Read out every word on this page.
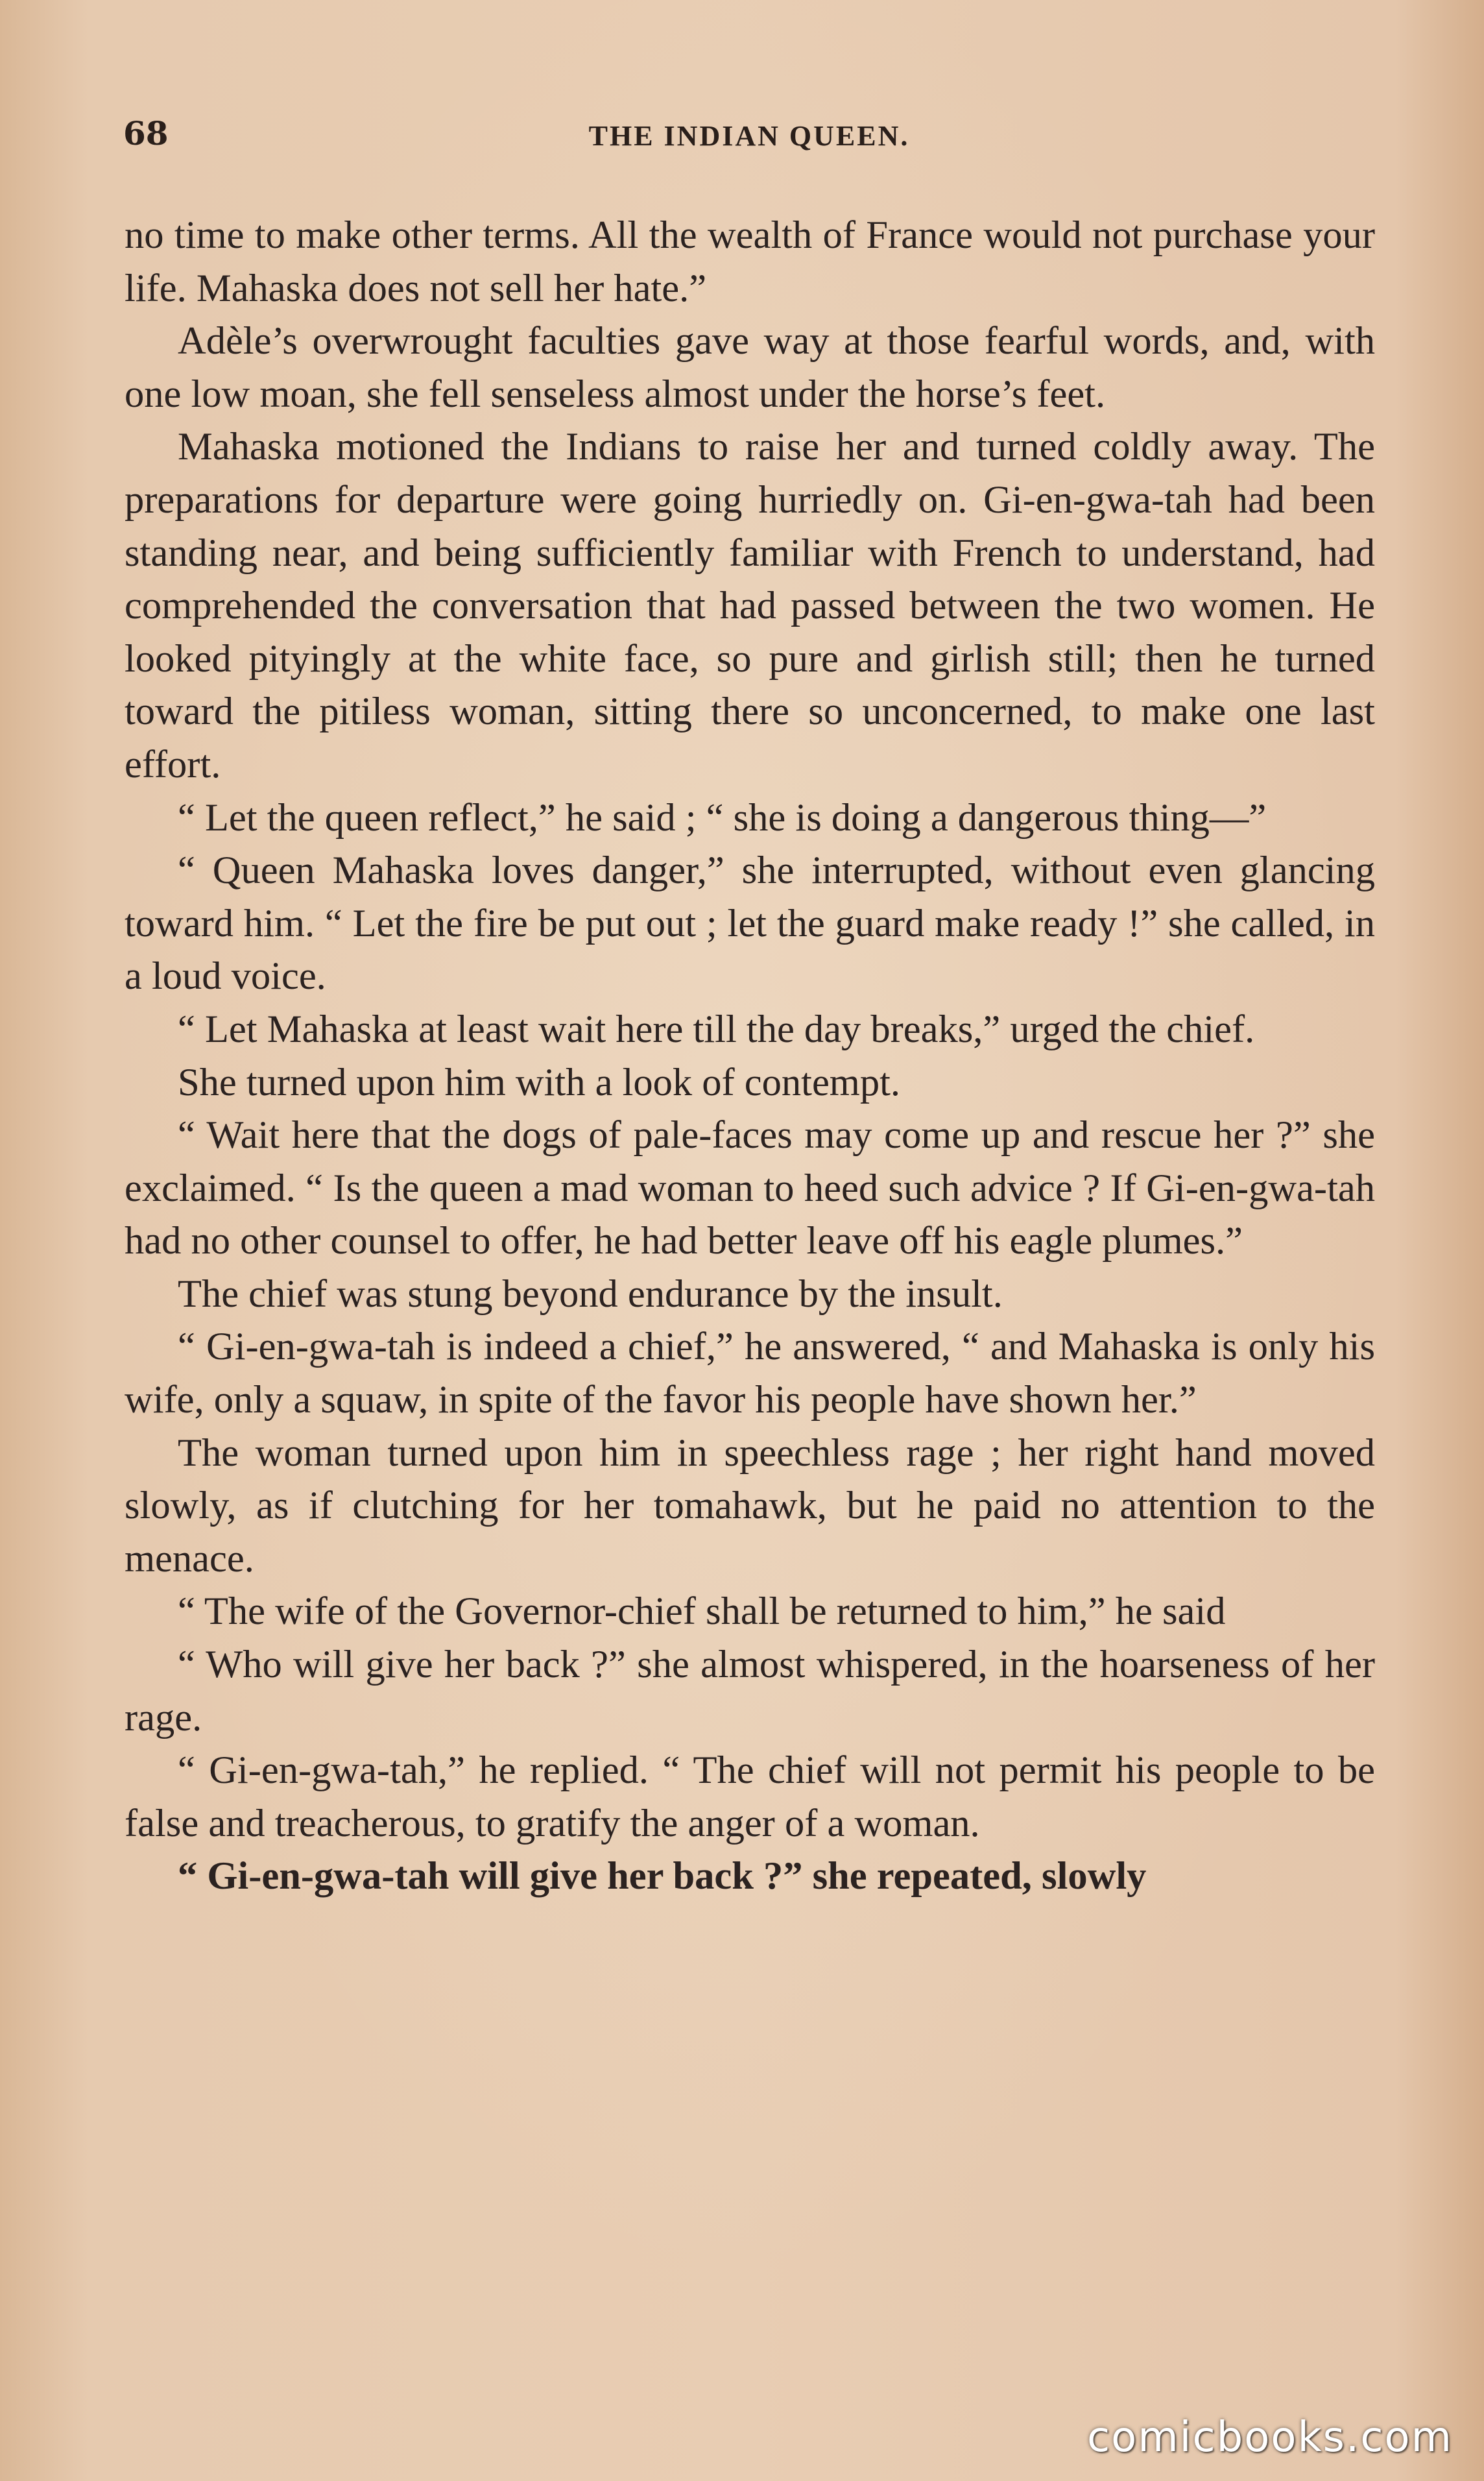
68	THE INDIAN QUEEN.

no time to make other terms. All the wealth of France would not purchase your life. Mahaska does not sell her hate.”

Adèle’s overwrought faculties gave way at those fearful words, and, with one low moan, she fell senseless almost under the horse’s feet.

Mahaska motioned the Indians to raise her and turned coldly away. The preparations for departure were going hurriedly on. Gi-en-gwa-tah had been standing near, and being sufficiently familiar with French to understand, had comprehended the conversation that had passed between the two women. He looked pityingly at the white face, so pure and girlish still; then he turned toward the pitiless woman, sitting there so unconcerned, to make one last effort.

“ Let the queen reflect,” he said ; “ she is doing a dangerous thing—”

“ Queen Mahaska loves danger,” she interrupted, without even glancing toward him. “ Let the fire be put out ; let the guard make ready !” she called, in a loud voice.

“ Let Mahaska at least wait here till the day breaks,” urged the chief.

She turned upon him with a look of contempt.

“ Wait here that the dogs of pale-faces may come up and rescue her ?” she exclaimed. “ Is the queen a mad woman to heed such advice ? If Gi-en-gwa-tah had no other counsel to offer, he had better leave off his eagle plumes.”

The chief was stung beyond endurance by the insult.

“ Gi-en-gwa-tah is indeed a chief,” he answered, “ and Mahaska is only his wife, only a squaw, in spite of the favor his people have shown her.”

The woman turned upon him in speechless rage ; her right hand moved slowly, as if clutching for her tomahawk, but he paid no attention to the menace.

“ The wife of the Governor-chief shall be returned to him,” he said

“ Who will give her back ?” she almost whispered, in the hoarseness of her rage.

“ Gi-en-gwa-tah,” he replied. “ The chief will not permit his people to be false and treacherous, to gratify the anger of a woman.

“ Gi-en-gwa-tah will give her back ?” she repeated, slowly

comicbooks.com
